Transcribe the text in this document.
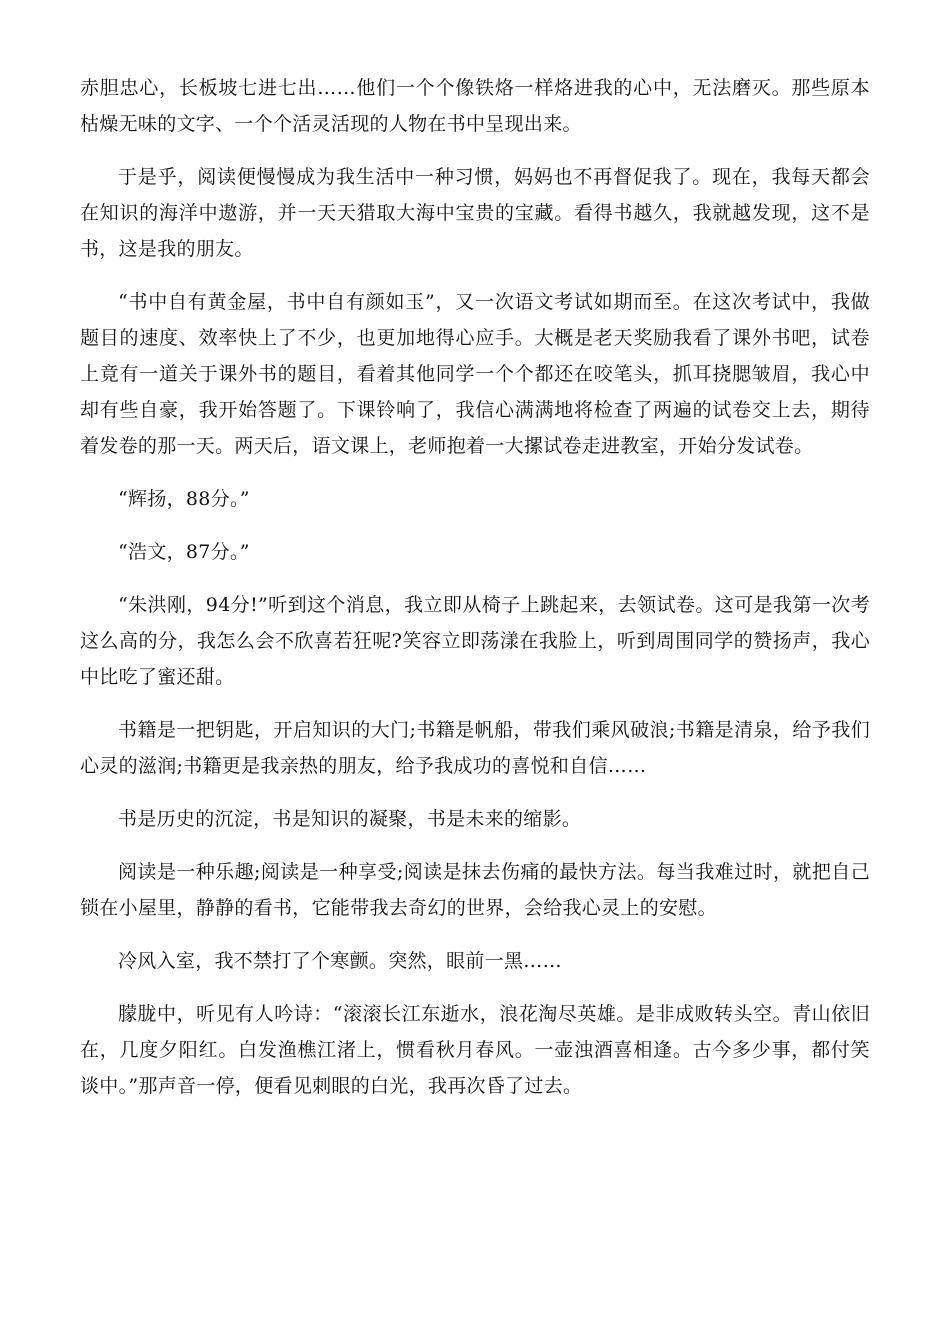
赤胆忠心，长板坡七进七出……他们一个个像铁烙一样烙进我的心中，无法磨灭。那些原本枯燥无味的文字、一个个活灵活现的人物在书中呈现出来。

于是乎，阅读便慢慢成为我生活中一种习惯，妈妈也不再督促我了。现在，我每天都会在知识的海洋中遨游，并一天天猎取大海中宝贵的宝藏。看得书越久，我就越发现，这不是书，这是我的朋友。

“书中自有黄金屋，书中自有颜如玉”，又一次语文考试如期而至。在这次考试中，我做题目的速度、效率快上了不少，也更加地得心应手。大概是老天奖励我看了课外书吧，试卷上竟有一道关于课外书的题目，看着其他同学一个个都还在咬笔头，抓耳挠腮皱眉，我心中却有些自豪，我开始答题了。下课铃响了，我信心满满地将检查了两遍的试卷交上去，期待着发卷的那一天。两天后，语文课上，老师抱着一大摞试卷走进教室，开始分发试卷。

“辉扬，88分。”

“浩文，87分。”

“朱洪刚，94分!”听到这个消息，我立即从椅子上跳起来，去领试卷。这可是我第一次考这么高的分，我怎么会不欣喜若狂呢?笑容立即荡漾在我脸上，听到周围同学的赞扬声，我心中比吃了蜜还甜。

书籍是一把钥匙，开启知识的大门;书籍是帆船，带我们乘风破浪;书籍是清泉，给予我们心灵的滋润;书籍更是我亲热的朋友，给予我成功的喜悦和自信……

书是历史的沉淀，书是知识的凝聚，书是未来的缩影。

阅读是一种乐趣;阅读是一种享受;阅读是抹去伤痛的最快方法。每当我难过时，就把自己锁在小屋里，静静的看书，它能带我去奇幻的世界，会给我心灵上的安慰。

冷风入室，我不禁打了个寒颤。突然，眼前一黑……

朦胧中，听见有人吟诗：“滚滚长江东逝水，浪花淘尽英雄。是非成败转头空。青山依旧在，几度夕阳红。白发渔樵江渚上，惯看秋月春风。一壶浊酒喜相逢。古今多少事，都付笑谈中。”那声音一停，便看见刺眼的白光，我再次昏了过去。
